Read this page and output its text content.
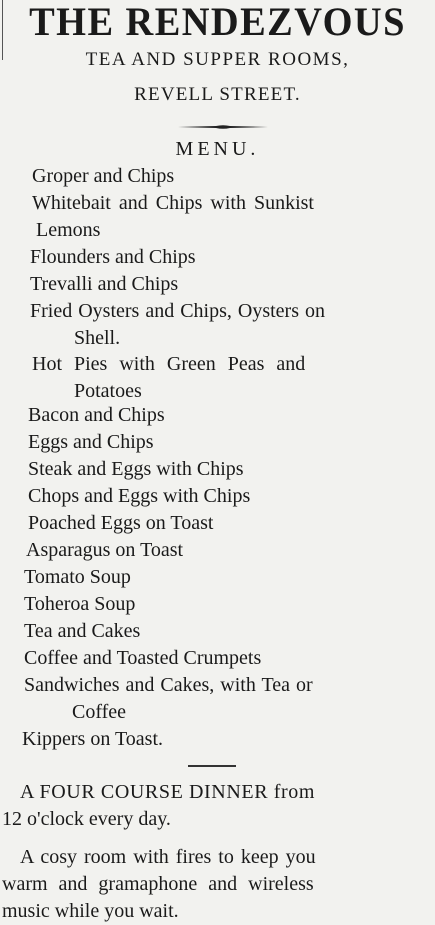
THE RENDEZVOUS
TEA AND SUPPER ROOMS,
REVELL STREET.
MENU.
Groper and Chips
Whitebait and Chips with Sunkist
Lemons
Flounders and Chips
Trevalli and Chips
Fried Oysters and Chips, Oysters on
Shell.
Hot Pies with Green Peas and
Potatoes
Bacon and Chips
Eggs and Chips
Steak and Eggs with Chips
Chops and Eggs with Chips
Poached Eggs on Toast
Asparagus on Toast
Tomato Soup
Toheroa Soup
Tea and Cakes
Coffee and Toasted Crumpets
Sandwiches and Cakes, with Tea or
Coffee
Kippers on Toast.
A FOUR COURSE DINNER from
12 o'clock every day.
A cosy room with fires to keep you
warm and gramaphone and wireless
music while you wait.
